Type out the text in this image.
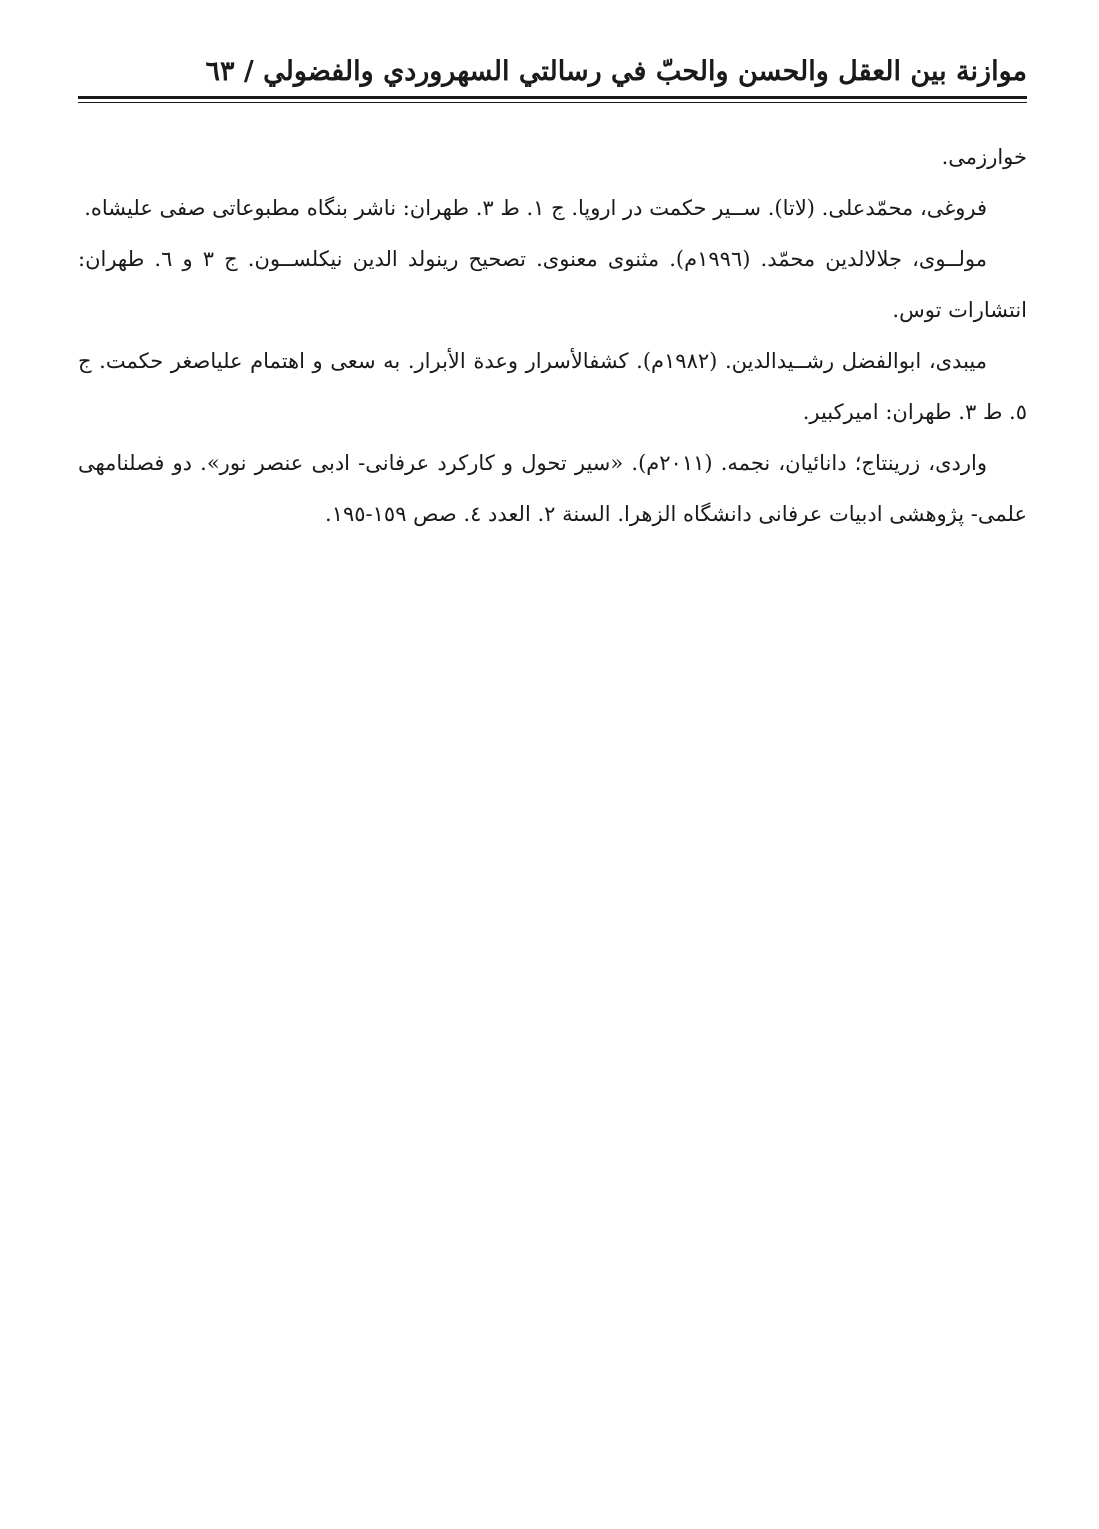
موازنة بين العقل والحسن والحبّ في رسالتي السهروردي والفضولي / ٦٣

خوارزمی.

فروغی، محمّدعلی. (لاتا). ســیر حکمت در اروپا. ج ١. ط ٣. طهران: ناشر بنگاه مطبوعاتی صفی علیشاه.

مولــوی، جلالالدین محمّد. (١٩٩٦م). مثنوی معنوی. تصحیح رینولد الدین نیکلســون. ج ٣ و ٦. طهران: انتشارات توس.

میبدی، ابوالفضل رشــیدالدین. (١٩٨٢م). کشفالأسرار وعدة الأبرار. به سعی و اهتمام علیاصغر حکمت. ج ٥. ط ٣. طهران: امیرکبیر.

واردی، زرینتاج؛ دانائیان، نجمه. (٢٠١١م). «سیر تحول و کارکرد عرفانی- ادبی عنصر نور». دو فصلنامهی علمی- پژوهشی ادبیات عرفانی دانشگاه الزهرا. السنة ٢. العدد ٤. صص ١٥٩-١٩٥.
